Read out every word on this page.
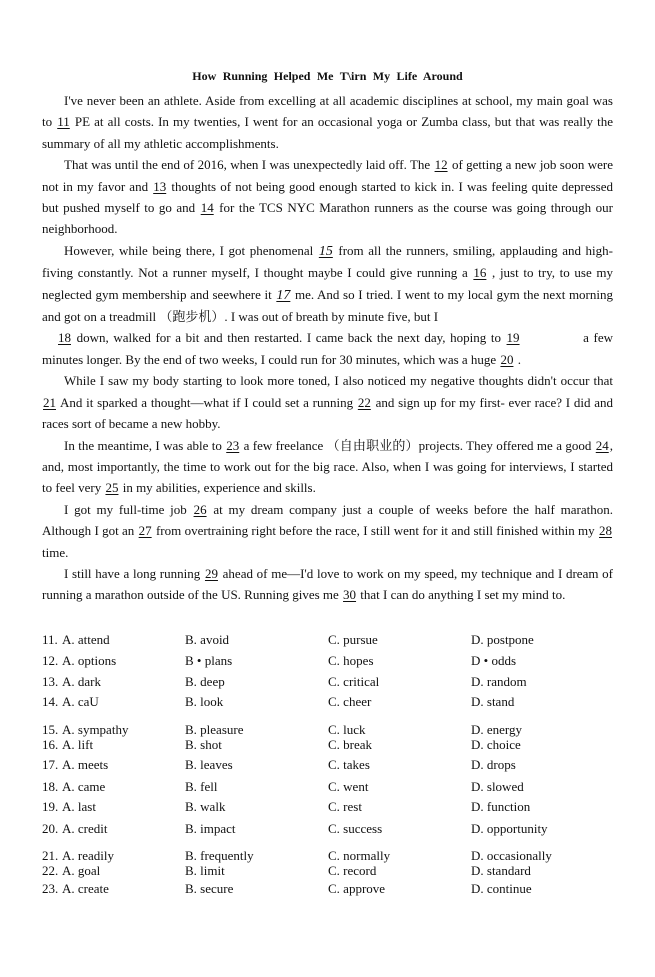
How Running Helped Me T\irn My Life Around

I've never been an athlete. Aside from excelling at all academic disciplines at school, my main goal was to 11 PE at all costs. In my twenties, I went for an occasional yoga or Zumba class, but that was really the summary of all my athletic accomplishments.

That was until the end of 2016, when I was unexpectedly laid off. The 12 of getting a new job soon were not in my favor and 13 thoughts of not being good enough started to kick in. I was feeling quite depressed but pushed myself to go and 14 for the TCS NYC Marathon runners as the course was going through our neighborhood.

However, while being there, I got phenomenal 15 from all the runners, smiling, applauding and high-fiving constantly. Not a runner myself, I thought maybe I could give running a 16 , just to try, to use my neglected gym membership and seewhere it 17 me. And so I tried. I went to my local gym the next morning and got on a treadmill （跑步机）. I was out of breath by minute five, but I

18 down, walked for a bit and then restarted. I came back the next day, hoping to 19	a few minutes longer. By the end of two weeks, I could run for 30 minutes, which was a huge 20 .

While I saw my body starting to look more toned, I also noticed my negative thoughts didn't occur that 21 And it sparked a thought—what if I could set a running 22 and sign up for my first- ever race? I did and races sort of became a new hobby.

In the meantime, I was able to 23 a few freelance （自由职业的）projects. They offered me a good 24, and, most importantly, the time to work out for the big race. Also, when I was going for interviews, I started to feel very 25 in my abilities, experience and skills.

I got my full-time job 26 at my dream company just a couple of weeks before the half marathon. Although I got an 27 from overtraining right before the race, I still went for it and still finished within my 28 time.

I still have a long running 29 ahead of me—I'd love to work on my speed, my technique and I dream of running a marathon outside of the US. Running gives me 30 that I can do anything I set my mind to.

11. A. attend	B. avoid	C. pursue	D. postpone
12. A. options	B • plans	C. hopes	D • odds
13. A. dark	B. deep	C. critical	D. random
14. A. caU	B. look	C. cheer	D. stand
15. A. sympathy	B. pleasure	C. luck	D. energy
16. A. lift	B. shot	C. break	D. choice
17. A. meets	B. leaves	C. takes	D. drops
18. A. came	B. fell	C. went	D. slowed
19. A. last	B. walk	C. rest	D. function
20. A. credit	B. impact	C. success	D. opportunity
21. A. readily	B. frequently	C. normally	D. occasionally
22. A. goal	B. limit	C. record	D. standard
23. A. create	B. secure	C. approve	D. continue
